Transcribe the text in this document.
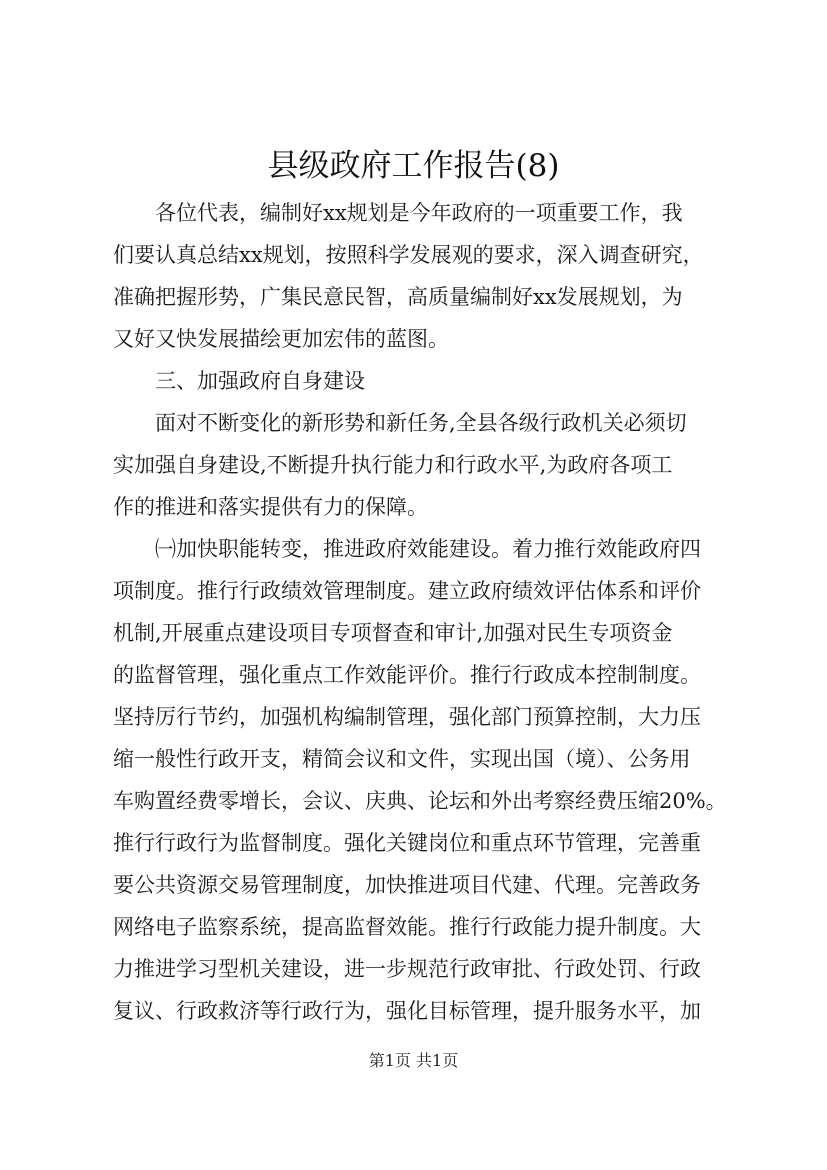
县级政府工作报告(8)
　　各位代表，编制好xx规划是今年政府的一项重要工作，我
们要认真总结xx规划，按照科学发展观的要求，深入调查研究，
准确把握形势，广集民意民智，高质量编制好xx发展规划，为
又好又快发展描绘更加宏伟的蓝图。
　　三、加强政府自身建设
　　面对不断变化的新形势和新任务,全县各级行政机关必须切
实加强自身建设,不断提升执行能力和行政水平,为政府各项工
作的推进和落实提供有力的保障。
　　㈠加快职能转变，推进政府效能建设。着力推行效能政府四
项制度。推行行政绩效管理制度。建立政府绩效评估体系和评价
机制,开展重点建设项目专项督查和审计,加强对民生专项资金
的监督管理，强化重点工作效能评价。推行行政成本控制制度。
坚持厉行节约，加强机构编制管理，强化部门预算控制，大力压
缩一般性行政开支，精简会议和文件，实现出国（境）、公务用
车购置经费零增长，会议、庆典、论坛和外出考察经费压缩20%。
推行行政行为监督制度。强化关键岗位和重点环节管理，完善重
要公共资源交易管理制度，加快推进项目代建、代理。完善政务
网络电子监察系统，提高监督效能。推行行政能力提升制度。大
力推进学习型机关建设，进一步规范行政审批、行政处罚、行政
复议、行政救济等行政行为，强化目标管理，提升服务水平，加
第1页 共1页
